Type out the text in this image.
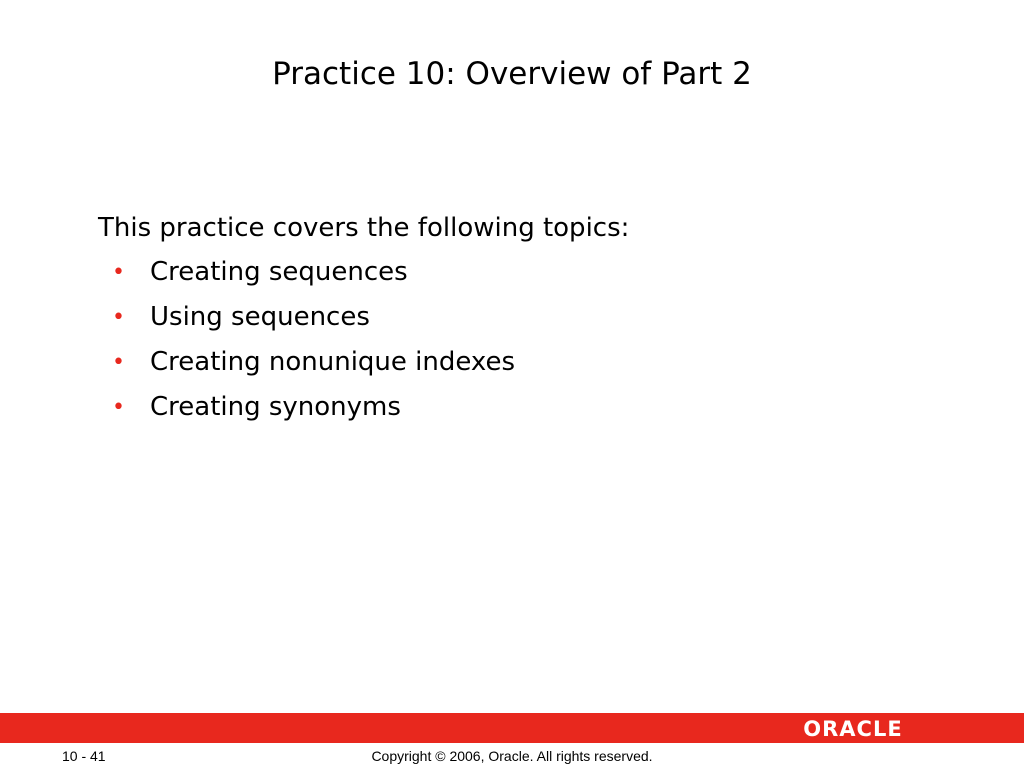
Practice 10: Overview of Part 2

This practice covers the following topics:

• Creating sequences
• Using sequences
• Creating nonunique indexes
• Creating synonyms
ORACLE
10 - 41	Copyright © 2006, Oracle. All rights reserved.
